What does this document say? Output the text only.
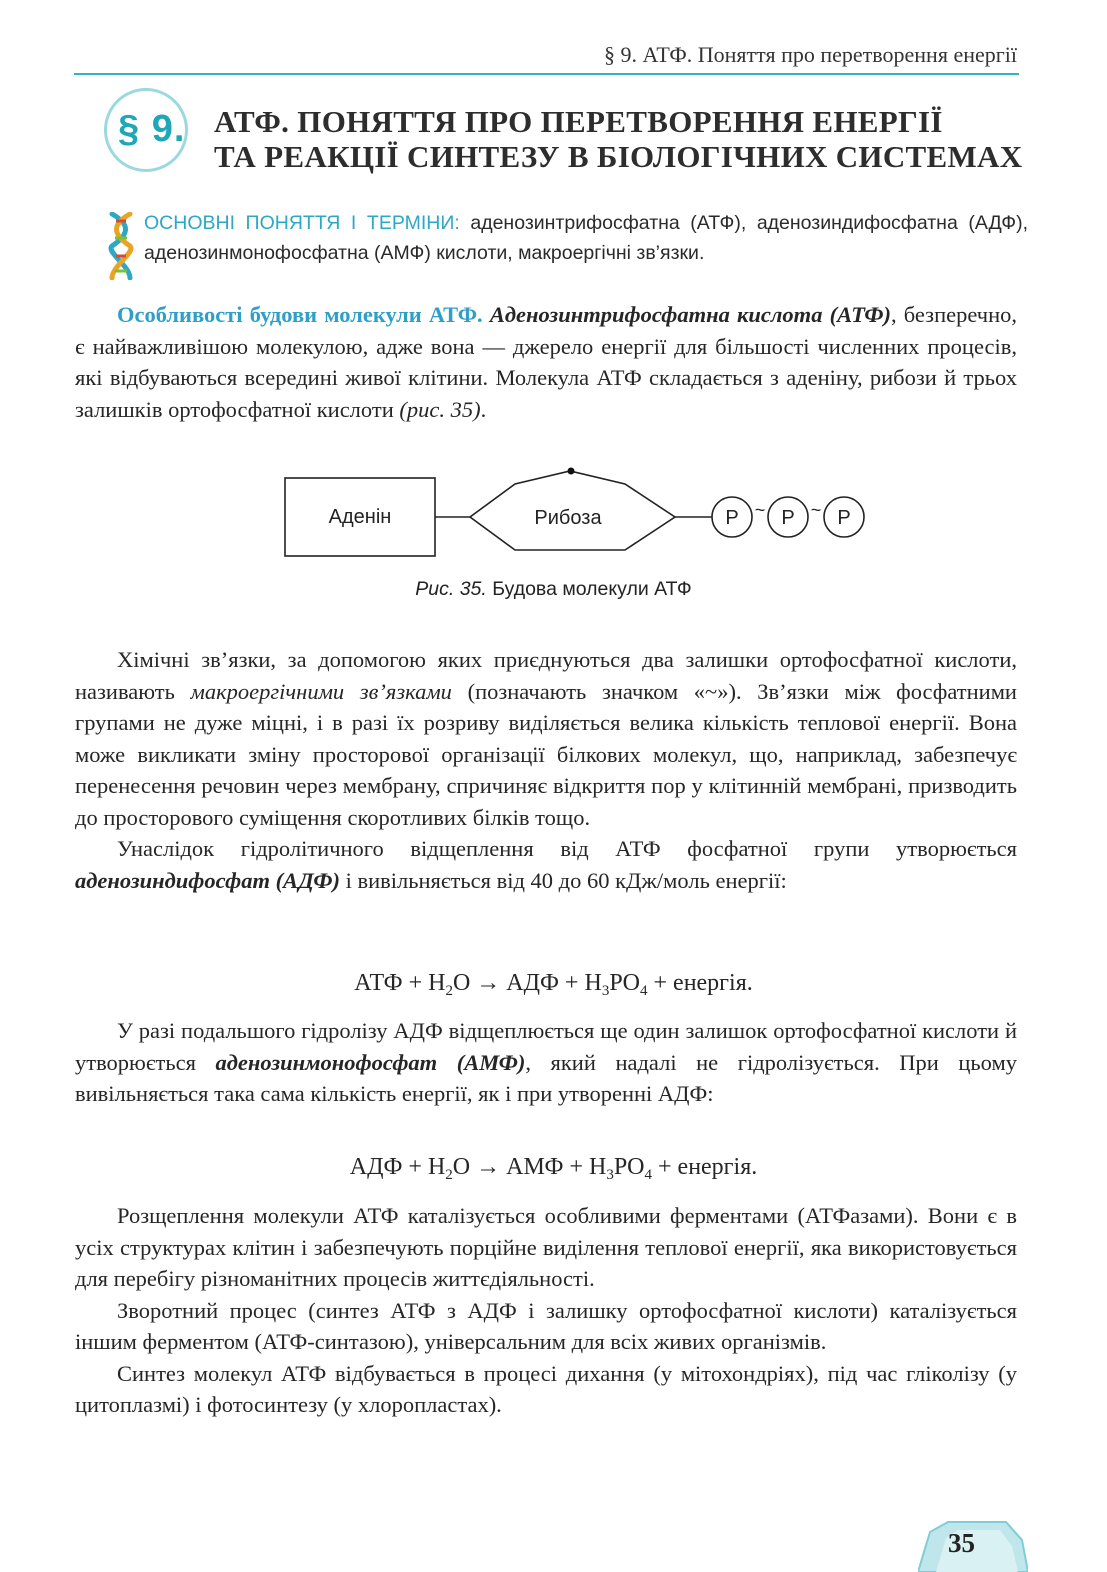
§ 9. АТФ. Поняття про перетворення енергії
§ 9. АТФ. ПОНЯТТЯ ПРО ПЕРЕТВОРЕННЯ ЕНЕРГІЇ
ТА РЕАКЦІЇ СИНТЕЗУ В БІОЛОГІЧНИХ СИСТЕМАХ
ОСНОВНІ ПОНЯТТЯ І ТЕРМІНИ: аденозинтрифосфатна (АТФ), аденозиндифосфатна (АДФ), аденозинмонофосфатна (АМФ) кислоти, макроергічні зв’язки.

Особливості будови молекули АТФ. Аденозинтрифосфатна кислота (АТФ), безперечно, є найважливішою молекулою, адже вона — джерело енергії для більшості численних процесів, які відбуваються всередині живої клітини. Молекула АТФ складається з аденіну, рибози й трьох залишків ортофосфатної кислоти (рис. 35).

Аденін	Рибоза	P ~ P ~ P
Рис. 35. Будова молекули АТФ

Хімічні зв’язки, за допомогою яких приєднуються два залишки ортофосфатної кислоти, називають макроергічними зв’язками (позначають значком «~»). Зв’язки між фосфатними групами не дуже міцні, і в разі їх розриву виділяється велика кількість теплової енергії. Вона може викликати зміну просторової організації білкових молекул, що, наприклад, забезпечує перенесення речовин через мембрану, спричиняє відкриття пор у клітинній мембрані, призводить до просторового суміщення скоротливих білків тощо.

Унаслідок гідролітичного відщеплення від АТФ фосфатної групи утворюється аденозиндифосфат (АДФ) і вивільняється від 40 до 60 кДж/моль енергії:

АТФ + $H_2O$ → АДФ + $H_3PO_4$ + енергія.

У разі подальшого гідролізу АДФ відщеплюється ще один залишок ортофосфатної кислоти й утворюється аденозинмонофосфат (АМФ), який надалі не гідролізується. При цьому вивільняється така сама кількість енергії, як і при утворенні АДФ:

АДФ + $H_2O$ → АМФ + $H_3PO_4$ + енергія.

Розщеплення молекули АТФ каталізується особливими ферментами (АТФазами). Вони є в усіх структурах клітин і забезпечують порційне виділення теплової енергії, яка використовується для перебігу різноманітних процесів життєдіяльності.

Зворотний процес (синтез АТФ з АДФ і залишку ортофосфатної кислоти) каталізується іншим ферментом (АТФ-синтазою), універсальним для всіх живих організмів.

Синтез молекул АТФ відбувається в процесі дихання (у мітохондріях), під час гліколізу (у цитоплазмі) і фотосинтезу (у хлоропластах).

35
